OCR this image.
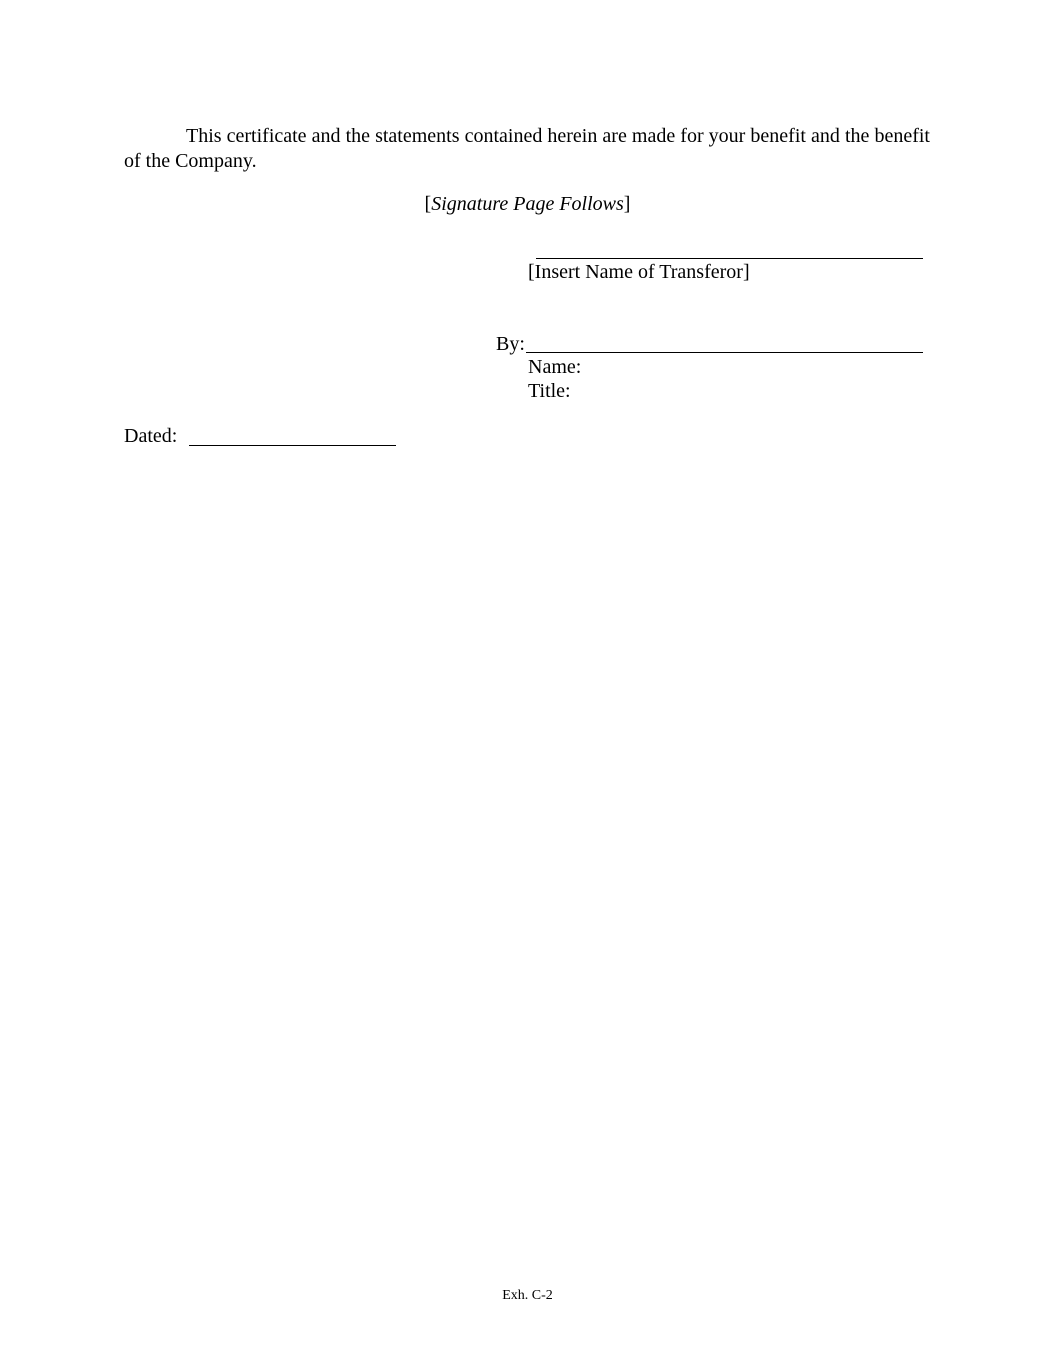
This certificate and the statements contained herein are made for your benefit and the benefit of the Company.

[Signature Page Follows]
[Insert Name of Transferor]
By:
Name:
Title:
Dated:
Exh. C-2
